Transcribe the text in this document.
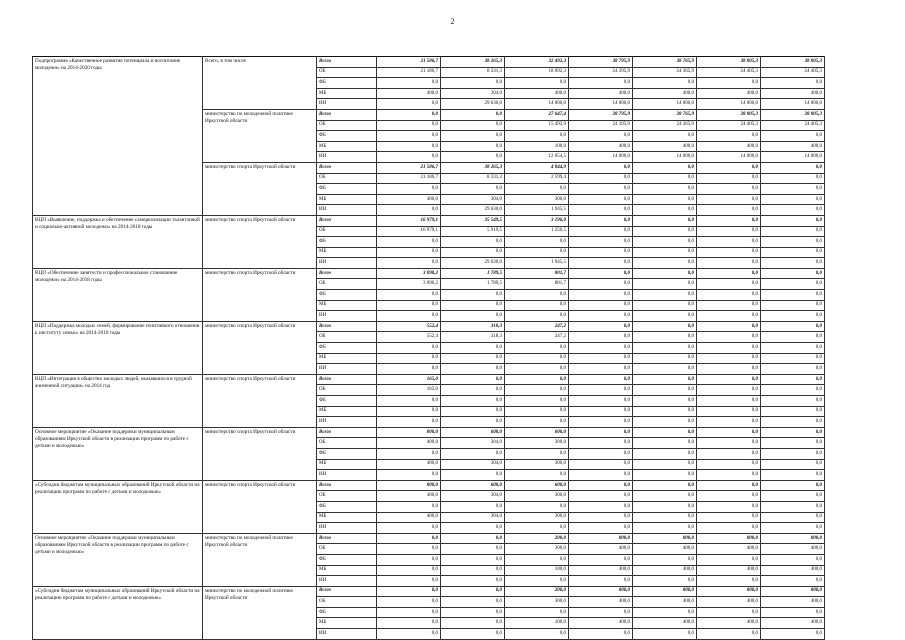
2
Подпрограмма «Качественное развитие потенциала и воспитание молодежи» на 2014-2020 годы	Всего, в том числе	Всего	21 586,7	38 265,3	32 492,3	38 795,9	38 765,9	38 805,3	38 805,3
		ОБ	21 186,7	8 331,3	18 092,3	24 395,9	24 365,9	24 405,3	24 405,3
		ФБ	0,0	0,0	0,0	0,0	0,0	0,0	0,0
		МБ	400,0	304,0	400,0	400,0	400,0	400,0	400,0
		ИИ	0,0	29 630,0	14 000,0	14 000,0	14 000,0	14 000,0	14 000,0
	министерство по молодежной политике Иркутской области	Всего	0,0	0,0	27 647,4	38 795,9	38 765,9	38 805,3	38 805,3
		ОБ	0,0	0,0	15 492,9	24 395,9	24 365,9	24 405,3	24 405,3
		ФБ	0,0	0,0	0,0	0,0	0,0	0,0	0,0
		МБ	0,0	0,0	100,0	400,0	400,0	400,0	400,0
		ИИ	0,0	0,0	12 054,5	14 000,0	14 000,0	14 000,0	14 000,0
	министерство спорта Иркутской области	Всего	21 586,7	38 265,3	4 844,9	0,0	0,0	0,0	0,0
		ОБ	21 186,7	8 331,3	2 599,4	0,0	0,0	0,0	0,0
		ФБ	0,0	0,0	0,0	0,0	0,0	0,0	0,0
		МБ	400,0	304,0	300,0	0,0	0,0	0,0	0,0
		ИИ	0,0	29 630,0	1 945,5	0,0	0,0	0,0	0,0
ВЦП «Выявление, поддержка и обеспечение самореализации талантливой и социально-активной молодежи» на 2014-2018 годы	министерство спорта Иркутской области	Всего	16 979,1	35 549,5	3 196,0	0,0	0,0	0,0	0,0
		ОБ	16 979,1	5 919,5	1 250,5	0,0	0,0	0,0	0,0
		ФБ	0,0	0,0	0,0	0,0	0,0	0,0	0,0
		МБ	0,0	0,0	0,0	0,0	0,0	0,0	0,0
		ИИ	0,0	29 630,0	1 945,5	0,0	0,0	0,0	0,0
ВЦП «Обеспечение занятости и профессиональное становление молодежи» на 2014-2018 годы	министерство спорта Иркутской области	Всего	3 090,2	1 789,5	801,7	0,0	0,0	0,0	0,0
		ОБ	3 090,2	1 789,5	801,7	0,0	0,0	0,0	0,0
		ФБ	0,0	0,0	0,0	0,0	0,0	0,0	0,0
		МБ	0,0	0,0	0,0	0,0	0,0	0,0	0,0
		ИИ	0,0	0,0	0,0	0,0	0,0	0,0	0,0
ВЦП «Поддержка молодых семей, формирование позитивного отношения к институту семьи» на 2014-2018 годы	министерство спорта Иркутской области	Всего	552,4	318,3	247,2	0,0	0,0	0,0	0,0
		ОБ	552,4	318,3	247,2	0,0	0,0	0,0	0,0
		ФБ	0,0	0,0	0,0	0,0	0,0	0,0	0,0
		МБ	0,0	0,0	0,0	0,0	0,0	0,0	0,0
		ИИ	0,0	0,0	0,0	0,0	0,0	0,0	0,0
ВЦП «Интеграция в общество молодых людей, оказавшихся в трудной жизненной ситуации» на 2014 год	министерство спорта Иркутской области	Всего	165,0	0,0	0,0	0,0	0,0	0,0	0,0
		ОБ	165,0	0,0	0,0	0,0	0,0	0,0	0,0
		ФБ	0,0	0,0	0,0	0,0	0,0	0,0	0,0
		МБ	0,0	0,0	0,0	0,0	0,0	0,0	0,0
		ИИ	0,0	0,0	0,0	0,0	0,0	0,0	0,0
Основное мероприятие «Оказание поддержки муниципальным образованиям Иркутской области в реализации программ по работе с детьми и молодежью»	министерство спорта Иркутской области	Всего	800,0	608,0	600,0	0,0	0,0	0,0	0,0
		ОБ	400,0	304,0	300,0	0,0	0,0	0,0	0,0
		ФБ	0,0	0,0	0,0	0,0	0,0	0,0	0,0
		МБ	400,0	304,0	300,0	0,0	0,0	0,0	0,0
		ИИ	0,0	0,0	0,0	0,0	0,0	0,0	0,0
«Субсидии бюджетам муниципальных образований Иркутской области на реализацию программ по работе с детьми и молодежью»	министерство спорта Иркутской области	Всего	800,0	608,0	600,0	0,0	0,0	0,0	0,0
		ОБ	400,0	304,0	300,0	0,0	0,0	0,0	0,0
		ФБ	0,0	0,0	0,0	0,0	0,0	0,0	0,0
		МБ	400,0	304,0	300,0	0,0	0,0	0,0	0,0
		ИИ	0,0	0,0	0,0	0,0	0,0	0,0	0,0
Основное мероприятие «Оказание поддержки муниципальным образованиям Иркутской области в реализации программ по работе с детьми и молодежью»	министерство по молодежной политике Иркутской области	Всего	0,0	0,0	200,0	800,0	800,0	800,0	800,0
		ОБ	0,0	0,0	300,0	400,0	400,0	400,0	400,0
		ФБ	0,0	0,0	0,0	0,0	0,0	0,0	0,0
		МБ	0,0	0,0	100,0	400,0	400,0	400,0	400,0
		ИИ	0,0	0,0	0,0	0,0	0,0	0,0	0,0
«Субсидии бюджетам муниципальных образований Иркутской области на реализацию программ по работе с детьми и молодежью»	министерство по молодежной политике Иркутской области	Всего	0,0	0,0	200,0	800,0	800,0	800,0	800,0
		ОБ	0,0	0,0	300,0	400,0	400,0	400,0	400,0
		ФБ	0,0	0,0	0,0	0,0	0,0	0,0	0,0
		МБ	0,0	0,0	100,0	400,0	400,0	400,0	400,0
		ИИ	0,0	0,0	0,0	0,0	0,0	0,0	0,0
